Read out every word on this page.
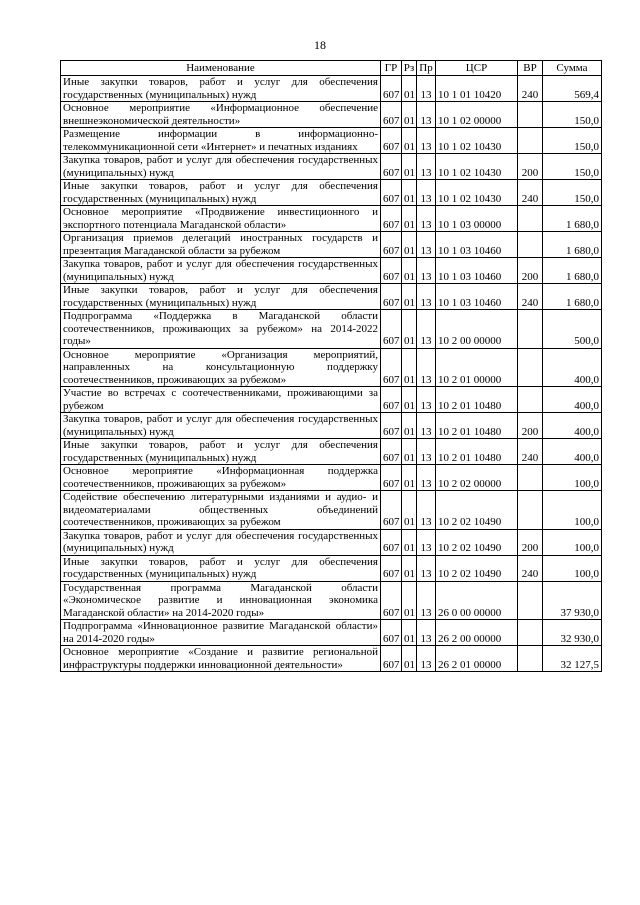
18
Наименование	ГР	Рз	Пр	ЦСР	ВР	Сумма
Иные закупки товаров, работ и услуг для обеспечения государственных (муниципальных) нужд	607	01	13	10 1 01 10420	240	569,4
Основное мероприятие «Информационное обеспечение внешнеэкономической деятельности»	607	01	13	10 1 02 00000		150,0
Размещение информации в информационно-телекоммуникационной сети «Интернет» и печатных изданиях	607	01	13	10 1 02 10430		150,0
Закупка товаров, работ и услуг для обеспечения государственных (муниципальных) нужд	607	01	13	10 1 02 10430	200	150,0
Иные закупки товаров, работ и услуг для обеспечения государственных (муниципальных) нужд	607	01	13	10 1 02 10430	240	150,0
Основное мероприятие «Продвижение инвестиционного и экспортного потенциала Магаданской области»	607	01	13	10 1 03 00000		1 680,0
Организация приемов делегаций иностранных государств и презентация Магаданской области за рубежом	607	01	13	10 1 03 10460		1 680,0
Закупка товаров, работ и услуг для обеспечения государственных (муниципальных) нужд	607	01	13	10 1 03 10460	200	1 680,0
Иные закупки товаров, работ и услуг для обеспечения государственных (муниципальных) нужд	607	01	13	10 1 03 10460	240	1 680,0
Подпрограмма «Поддержка в Магаданской области соотечественников, проживающих за рубежом» на 2014-2022 годы»	607	01	13	10 2 00 00000		500,0
Основное мероприятие «Организация мероприятий, направленных на консультационную поддержку соотечественников, проживающих за рубежом»	607	01	13	10 2 01 00000		400,0
Участие во встречах с соотечественниками, проживающими за рубежом	607	01	13	10 2 01 10480		400,0
Закупка товаров, работ и услуг для обеспечения государственных (муниципальных) нужд	607	01	13	10 2 01 10480	200	400,0
Иные закупки товаров, работ и услуг для обеспечения государственных (муниципальных) нужд	607	01	13	10 2 01 10480	240	400,0
Основное мероприятие «Информационная поддержка соотечественников, проживающих за рубежом»	607	01	13	10 2 02 00000		100,0
Содействие обеспечению литературными изданиями и аудио- и видеоматериалами общественных объединений соотечественников, проживающих за рубежом	607	01	13	10 2 02 10490		100,0
Закупка товаров, работ и услуг для обеспечения государственных (муниципальных) нужд	607	01	13	10 2 02 10490	200	100,0
Иные закупки товаров, работ и услуг для обеспечения государственных (муниципальных) нужд	607	01	13	10 2 02 10490	240	100,0
Государственная программа Магаданской области «Экономическое развитие и инновационная экономика Магаданской области» на 2014-2020 годы»	607	01	13	26 0 00 00000		37 930,0
Подпрограмма «Инновационное развитие Магаданской области» на 2014-2020 годы»	607	01	13	26 2 00 00000		32 930,0
Основное мероприятие «Создание и развитие региональной инфраструктуры поддержки инновационной деятельности»	607	01	13	26 2 01 00000		32 127,5
